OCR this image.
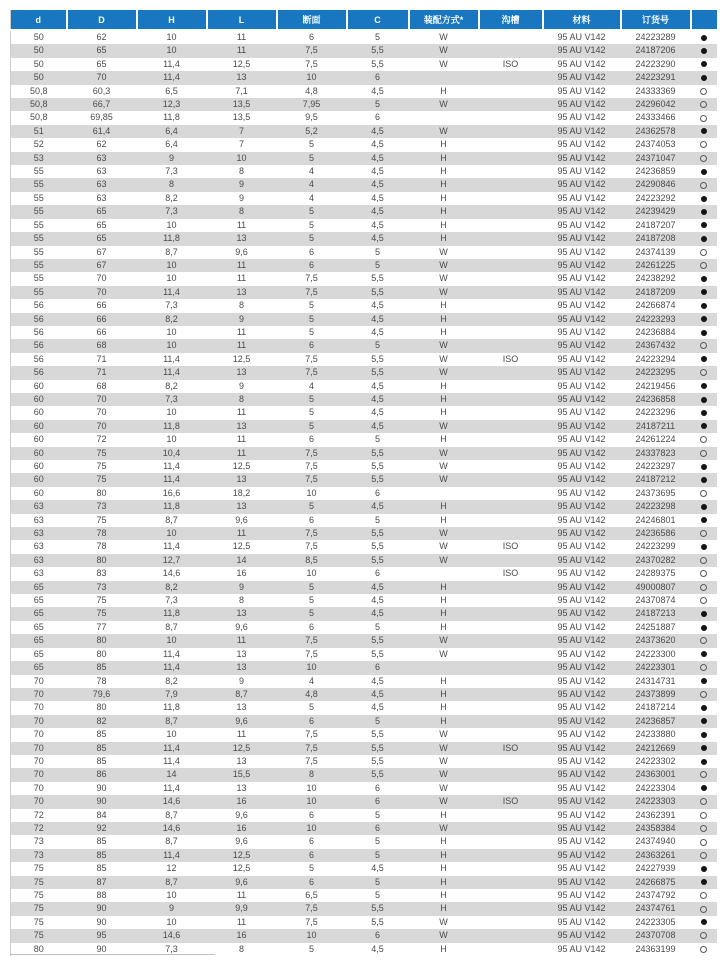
d	D	H	L	断面	C	装配方式*	沟槽	材料	订货号	
50	62	10	11	6	5	W		95 AU V142	24223289	
50	65	10	11	7,5	5,5	W		95 AU V142	24187206	
50	65	11,4	12,5	7,5	5,5	W	ISO	95 AU V142	24223290	
50	70	11,4	13	10	6			95 AU V142	24223291	
50,8	60,3	6,5	7,1	4,8	4,5	H		95 AU V142	24333369	
50,8	66,7	12,3	13,5	7,95	5	W		95 AU V142	24296042	
50,8	69,85	11,8	13,5	9,5	6			95 AU V142	24333466	
51	61,4	6,4	7	5,2	4,5	W		95 AU V142	24362578	
52	62	6,4	7	5	4,5	H		95 AU V142	24374053	
53	63	9	10	5	4,5	H		95 AU V142	24371047	
55	63	7,3	8	4	4,5	H		95 AU V142	24236859	
55	63	8	9	4	4,5	H		95 AU V142	24290846	
55	63	8,2	9	4	4,5	H		95 AU V142	24223292	
55	65	7,3	8	5	4,5	H		95 AU V142	24239429	
55	65	10	11	5	4,5	H		95 AU V142	24187207	
55	65	11,8	13	5	4,5	H		95 AU V142	24187208	
55	67	8,7	9,6	6	5	W		95 AU V142	24374139	
55	67	10	11	6	5	W		95 AU V142	24261225	
55	70	10	11	7,5	5,5	W		95 AU V142	24238292	
55	70	11,4	13	7,5	5,5	W		95 AU V142	24187209	
56	66	7,3	8	5	4,5	H		95 AU V142	24266874	
56	66	8,2	9	5	4,5	H		95 AU V142	24223293	
56	66	10	11	5	4,5	H		95 AU V142	24236884	
56	68	10	11	6	5	W		95 AU V142	24367432	
56	71	11,4	12,5	7,5	5,5	W	ISO	95 AU V142	24223294	
56	71	11,4	13	7,5	5,5	W		95 AU V142	24223295	
60	68	8,2	9	4	4,5	H		95 AU V142	24219456	
60	70	7,3	8	5	4,5	H		95 AU V142	24236858	
60	70	10	11	5	4,5	H		95 AU V142	24223296	
60	70	11,8	13	5	4,5	W		95 AU V142	24187211	
60	72	10	11	6	5	H		95 AU V142	24261224	
60	75	10,4	11	7,5	5,5	W		95 AU V142	24337823	
60	75	11,4	12,5	7,5	5,5	W		95 AU V142	24223297	
60	75	11,4	13	7,5	5,5	W		95 AU V142	24187212	
60	80	16,6	18,2	10	6			95 AU V142	24373695	
63	73	11,8	13	5	4,5	H		95 AU V142	24223298	
63	75	8,7	9,6	6	5	H		95 AU V142	24246801	
63	78	10	11	7,5	5,5	W		95 AU V142	24236586	
63	78	11,4	12,5	7,5	5,5	W	ISO	95 AU V142	24223299	
63	80	12,7	14	8,5	5,5	W		95 AU V142	24370282	
63	83	14,6	16	10	6		ISO	95 AU V142	24289375	
65	73	8,2	9	5	4,5	H		95 AU V142	49000807	
65	75	7,3	8	5	4,5	H		95 AU V142	24370874	
65	75	11,8	13	5	4,5	H		95 AU V142	24187213	
65	77	8,7	9,6	6	5	H		95 AU V142	24251887	
65	80	10	11	7,5	5,5	W		95 AU V142	24373620	
65	80	11,4	13	7,5	5,5	W		95 AU V142	24223300	
65	85	11,4	13	10	6			95 AU V142	24223301	
70	78	8,2	9	4	4,5	H		95 AU V142	24314731	
70	79,6	7,9	8,7	4,8	4,5	H		95 AU V142	24373899	
70	80	11,8	13	5	4,5	H		95 AU V142	24187214	
70	82	8,7	9,6	6	5	H		95 AU V142	24236857	
70	85	10	11	7,5	5,5	W		95 AU V142	24233880	
70	85	11,4	12,5	7,5	5,5	W	ISO	95 AU V142	24212669	
70	85	11,4	13	7,5	5,5	W		95 AU V142	24223302	
70	86	14	15,5	8	5,5	W		95 AU V142	24363001	
70	90	11,4	13	10	6	W		95 AU V142	24223304	
70	90	14,6	16	10	6	W	ISO	95 AU V142	24223303	
72	84	8,7	9,6	6	5	H		95 AU V142	24362391	
72	92	14,6	16	10	6	W		95 AU V142	24358384	
73	85	8,7	9,6	6	5	H		95 AU V142	24374940	
73	85	11,4	12,5	6	5	H		95 AU V142	24363261	
75	85	12	12,5	5	4,5	H		95 AU V142	24227939	
75	87	8,7	9,6	6	5	H		95 AU V142	24266875	
75	88	10	11	6,5	5	H		95 AU V142	24374792	
75	90	9	9,9	7,5	5,5	H		95 AU V142	24374761	
75	90	10	11	7,5	5,5	W		95 AU V142	24223305	
75	95	14,6	16	10	6	W		95 AU V142	24370708	
80	90	7,3	8	5	4,5	H		95 AU V142	24363199	
